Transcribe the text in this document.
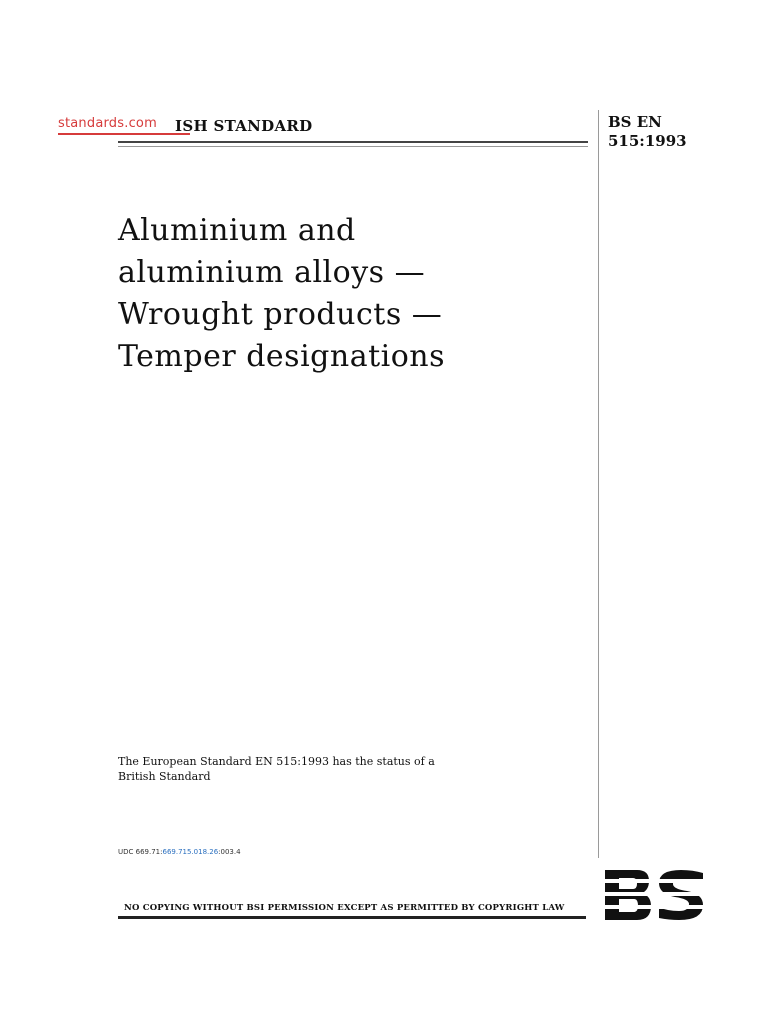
standards.com ISH STANDARD	BS EN
515:1993
Aluminium and
aluminium alloys —
Wrought products —
Temper designations
The European Standard EN 515:1993 has the status of a
British Standard
UDC 669.71:669.715.018.26:003.4
NO COPYING WITHOUT BSI PERMISSION EXCEPT AS PERMITTED BY COPYRIGHT LAW
